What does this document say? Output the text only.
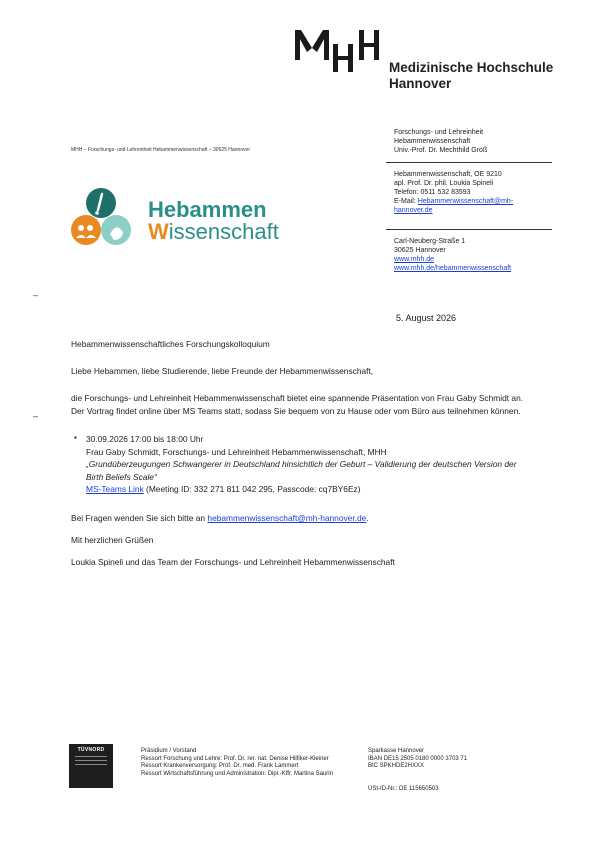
Medizinische Hochschule
Hannover
MHH – Forschungs- und Lehreinheit Hebammenwissenschaft – 30625 Hannover
Hebammen
Wissenschaft
Forschungs- und Lehreinheit
Hebammenwissenschaft
Univ.-Prof. Dr. Mechthild Groß
Hebammenwissenschaft, OE 9210
apl. Prof. Dr. phil. Loukia Spineli
Telefon: 0511 532 83593
E-Mail: Hebammenwissenschaft@mh-
hannover.de
Carl-Neuberg-Straße 1
30625 Hannover
www.mhh.de
www.mhh.de/hebammenwissenschaft
–
–
5. August 2026
Hebammenwissenschaftliches Forschungskolloquium
Liebe Hebammen, liebe Studierende, liebe Freunde der Hebammenwissenschaft,
die Forschungs- und Lehreinheit Hebammenwissenschaft bietet eine spannende Präsentation von Frau Gaby Schmidt an.
Der Vortrag findet online über MS Teams statt, sodass Sie bequem von zu Hause oder vom Büro aus teilnehmen können.
▪ 30.09.2026 17:00 bis 18:00 Uhr
Frau Gaby Schmidt, Forschungs- und Lehreinheit Hebammenwissenschaft, MHH
„Grundüberzeugungen Schwangerer in Deutschland hinsichtlich der Geburt – Validierung der deutschen Version der
Birth Beliefs Scale“
MS-Teams Link (Meeting ID: 332 271 811 042 295, Passcode: cq7BY6Ez)
Bei Fragen wenden Sie sich bitte an hebammenwissenschaft@mh-hannover.de.
Mit herzlichen Grüßen
Loukia Spineli und das Team der Forschungs- und Lehreinheit Hebammenwissenschaft
TÜVNORD	Präsidium / Vorstand
Ressort Forschung und Lehre: Prof. Dr. rer. nat. Denise Hilfiker-Kleiner
Ressort Krankenversorgung: Prof. Dr. med. Frank Lammert
Ressort Wirtschaftsführung und Administration: Dipl.-Kffr. Martina Saurin
Sparkasse Hannover
IBAN DE15 2505 0180 0000 3703 71
BIC SPKHDE2HXXX
USt-ID-Nr.: DE 115650503
